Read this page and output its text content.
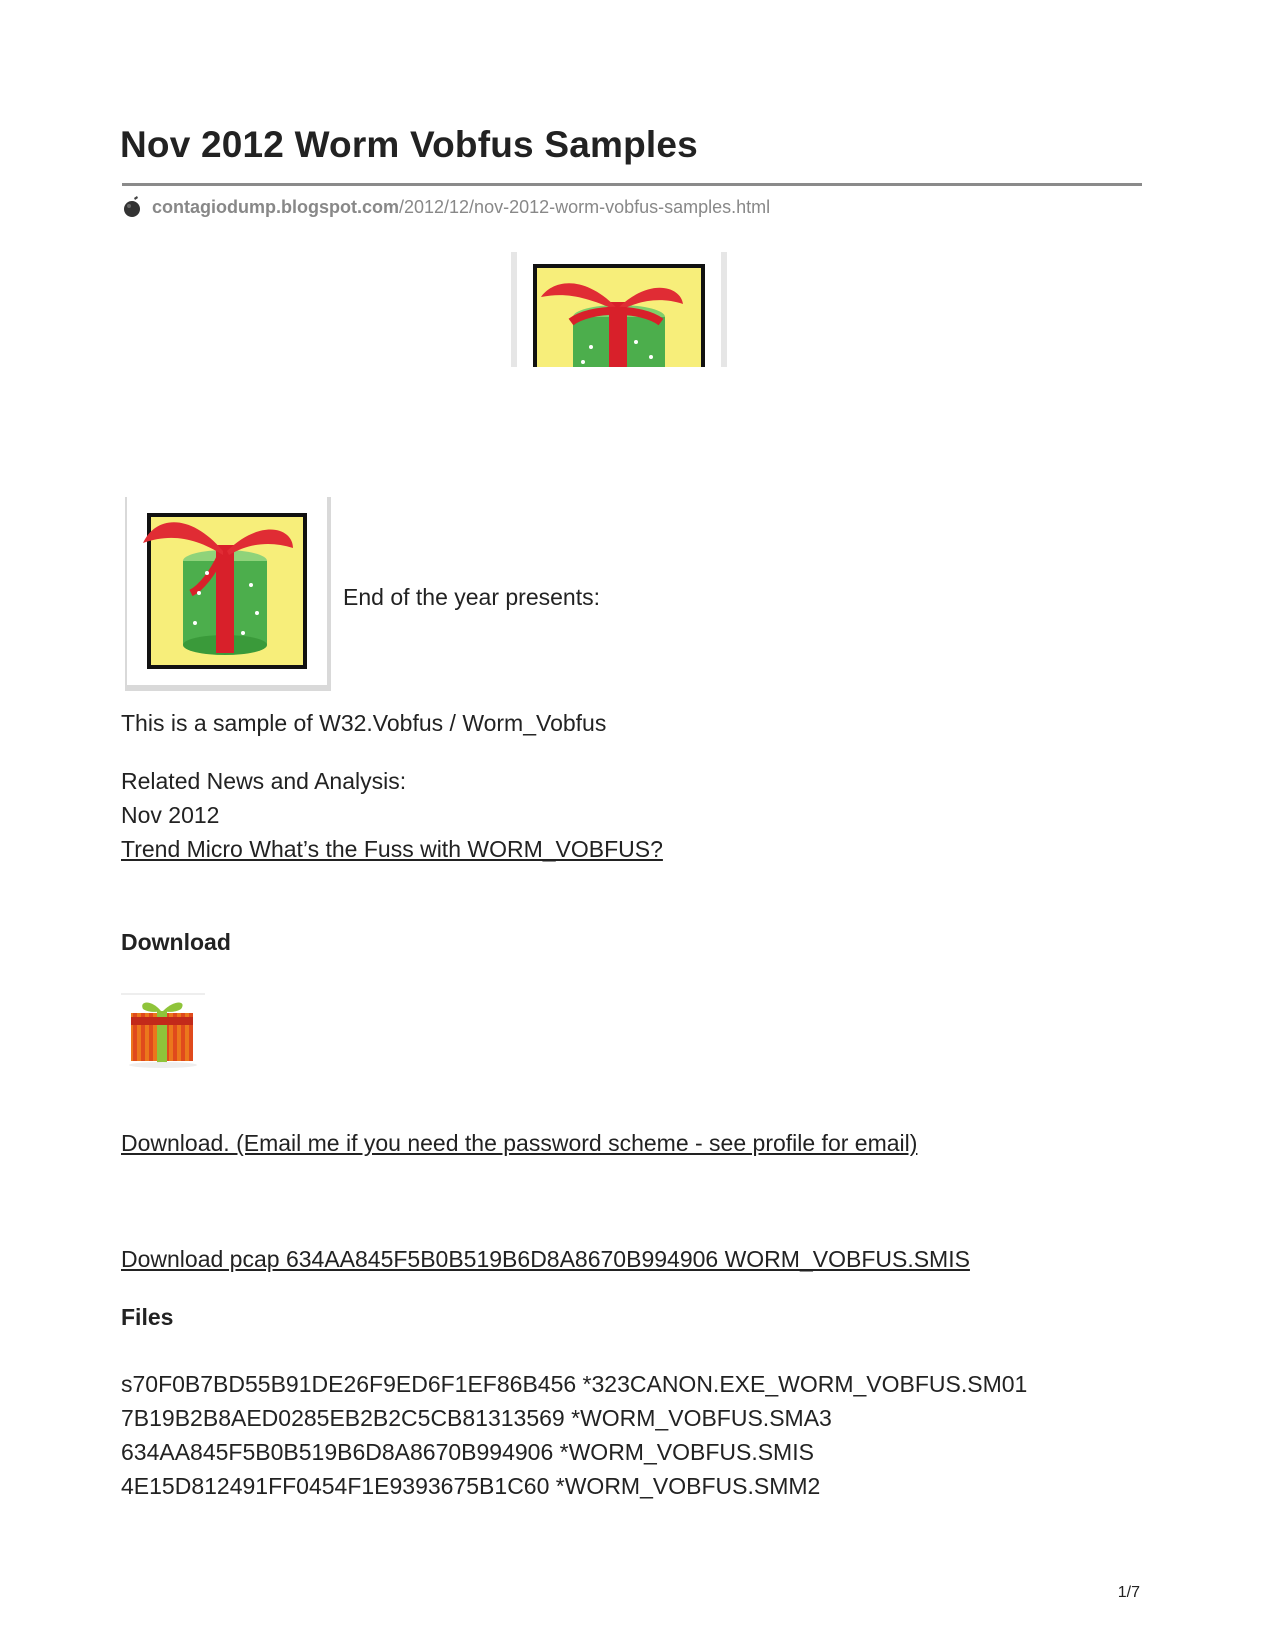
Nov 2012 Worm Vobfus Samples
contagiodump.blogspot.com /2012/12/nov-2012-worm-vobfus-samples.html
End of the year presents:
This is a sample of W32.Vobfus / Worm_Vobfus
Related News and Analysis:
Nov 2012
Trend Micro What’s the Fuss with WORM_VOBFUS?
Download
Download. (Email me if you need the password scheme - see profile for email)
Download pcap 634AA845F5B0B519B6D8A8670B994906 WORM_VOBFUS.SMIS
Files
s70F0B7BD55B91DE26F9ED6F1EF86B456 *323CANON.EXE_WORM_VOBFUS.SM01
7B19B2B8AED0285EB2B2C5CB81313569 *WORM_VOBFUS.SMA3
634AA845F5B0B519B6D8A8670B994906 *WORM_VOBFUS.SMIS
4E15D812491FF0454F1E9393675B1C60 *WORM_VOBFUS.SMM2
1/7
